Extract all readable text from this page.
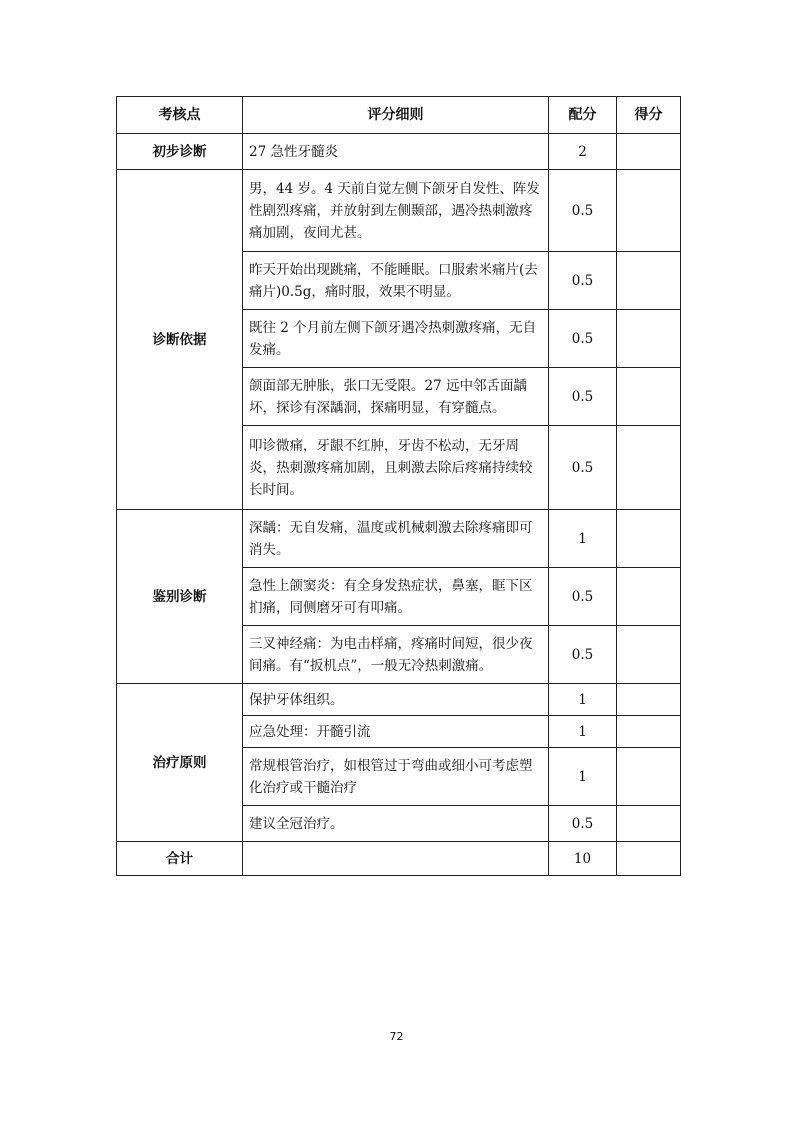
考核点	评分细则	配分	得分
初步诊断	27 急性牙髓炎	2	
诊断依据	男，44 岁。4 天前自觉左侧下颌牙自发性、阵发性剧烈疼痛，并放射到左侧颞部，遇冷热刺激疼痛加剧，夜间尤甚。	0.5	
	昨天开始出现跳痛，不能睡眠。口服索米痛片(去痛片)0.5g，痛时服，效果不明显。	0.5	
	既往 2 个月前左侧下颌牙遇冷热刺激疼痛，无自发痛。	0.5	
	颌面部无肿胀，张口无受限。27 远中邻舌面龋坏，探诊有深龋洞，探痛明显，有穿髓点。	0.5	
	叩诊微痛，牙龈不红肿，牙齿不松动，无牙周炎，热刺激疼痛加剧，且刺激去除后疼痛持续较长时间。	0.5	
鉴别诊断	深龋：无自发痛，温度或机械刺激去除疼痛即可消失。	1	
	急性上颌窦炎：有全身发热症状，鼻塞，眶下区扪痛，同侧磨牙可有叩痛。	0.5	
	三叉神经痛：为电击样痛，疼痛时间短，很少夜间痛。有“扳机点”，一般无冷热刺激痛。	0.5	
治疗原则	保护牙体组织。	1	
	应急处理：开髓引流	1	
	常规根管治疗，如根管过于弯曲或细小可考虑塑化治疗或干髓治疗	1	
	建议全冠治疗。	0.5	
合计		10	
72
